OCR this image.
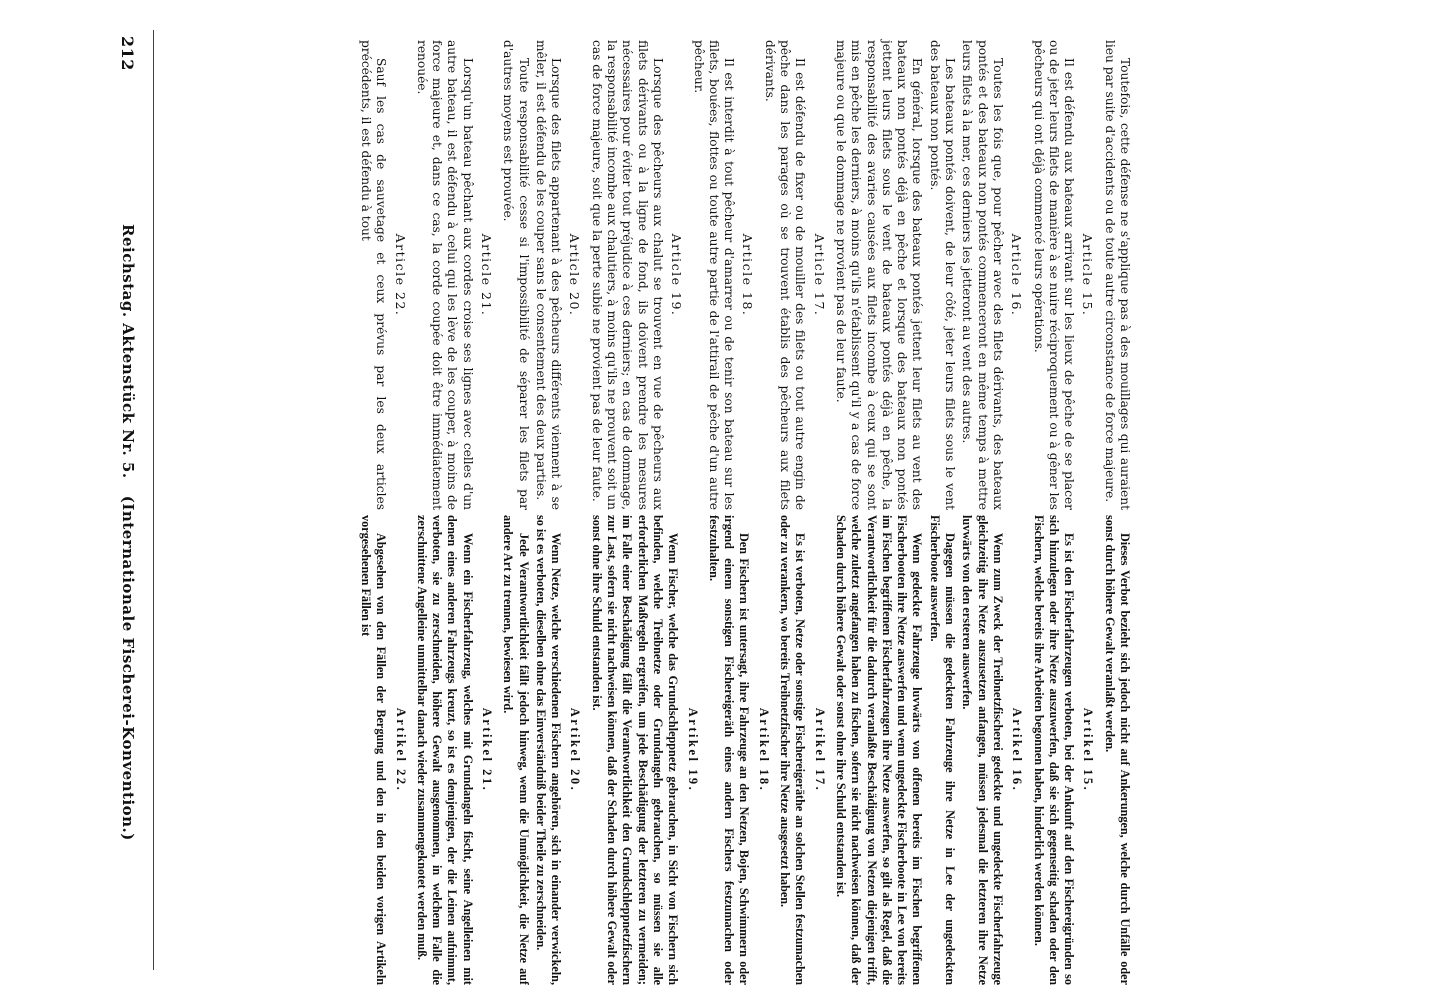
212
Reichstag. Aktenstück Nr. 5.   (Internationale Fischerei-Konvention.)

Toutefois, cette défense ne s'applique pas à des mouillages qui auraient lieu par suite d'accidents ou de toute autre circonstance de force majeure.

Article 15.

Il est défendu aux bateaux arrivant sur les lieux de pêche de se placer ou de jeter leurs filets de manière à se nuire réciproquement ou à gêner les pêcheurs qui ont déjà commencé leurs opérations.

Article 16.

Toutes les fois que, pour pêcher avec des filets dérivants, des bateaux pontés et des bateaux non pontés commenceront en même temps à mettre leurs filets à la mer, ces derniers les jetteront au vent des autres.

Les bateaux pontés doivent, de leur côté, jeter leurs filets sous le vent des bateaux non pontés.

En général, lorsque des bateaux pontés jettent leur filets au vent des bateaux non pontés déjà en pêche et lorsque des bateaux non pontés jettent leurs filets sous le vent de bateaux pontés déjà en pêche, la responsabilité des avaries causées aux filets incombe à ceux qui se sont mis en pêche les derniers, à moins qu'ils n'établissent qu'il y a cas de force majeure ou que le dommage ne provient pas de leur faute.

Article 17.

Il est défendu de fixer ou de mouiller des filets ou tout autre engin de pêche dans les parages où se trouvent établis des pêcheurs aux filets dérivants.

Article 18.

Il est interdit à tout pêcheur d'amarrer ou de tenir son bateau sur les filets, bouées, flottes ou toute autre partie de l'attirail de pêche d'un autre pêcheur.

Article 19.

Lorsque des pêcheurs aux chalut se trouvent en vue de pêcheurs aux filets dérivants ou à la ligne de fond, ils doivent prendre les mesures nécessaires pour éviter tout préjudice à ces derniers; en cas de dommage, la responsabilité incombe aux chalutiers, à moins qu'ils ne prouvent soit un cas de force majeure, soit que la perte subie ne provient pas de leur faute.

Article 20.

Lorsque des filets appartenant à des pêcheurs différents viennent à se mêler, il est défendu de les couper sans le consentement des deux parties.

Toute responsabilité cesse si l'impossibilité de séparer les filets par d'autres moyens est prouvée.

Article 21.

Lorsqu'un bateau pêchant aux cordes croise ses lignes avec celles d'un autre bateau, il est défendu à celui qui les lève de les couper, à moins de force majeure et, dans ce cas, la corde coupée doit être immédiatement renouée.

Article 22.

Sauf les cas de sauvetage et ceux prévus par les deux articles précédents, il est défendu à tout

Dieses Verbot bezieht sich jedoch nicht auf Ankerungen, welche durch Unfälle oder sonst durch höhere Gewalt veranlaßt werden.

Artikel 15.

Es ist den Fischerfahrzeugen verboten, bei der Ankunft auf den Fischereigründen so sich hinzulegen oder ihre Netze auszuwerfen, daß sie sich gegenseitig schaden oder den Fischern, welche bereits ihre Arbeiten begonnen haben, hinderlich werden können.

Artikel 16.

Wenn zum Zweck der Treibnetzfischerei gedeckte und ungedeckte Fischerfahrzeuge gleichzeitig ihre Netze auszusetzen anfangen, müssen jedesmal die letzteren ihre Netze luvwärts von den ersteren auswerfen.

Dagegen müssen die gedeckten Fahrzeuge ihre Netze in Lee der ungedeckten Fischerboote auswerfen.

Wenn gedeckte Fahrzeuge luvwärts von offenen bereits im Fischen begriffenen Fischerbooten ihre Netze auswerfen und wenn ungedeckte Fischerboote in Lee von bereits im Fischen begriffenen Fischerfahrzeugen ihre Netze auswerfen, so gilt als Regel, daß die Verantwortlichkeit für die dadurch veranlaßte Beschädigung von Netzen diejenigen trifft, welche zuletzt angefangen haben zu fischen, sofern sie nicht nachweisen können, daß der Schaden durch höhere Gewalt oder sonst ohne ihre Schuld entstanden ist.

Artikel 17.

Es ist verboten, Netze oder sonstige Fischereigeräthe an solchen Stellen festzumachen oder zu verankern, wo bereits Treibnetzfischer ihre Netze ausgesetzt haben.

Artikel 18.

Den Fischern ist untersagt, ihre Fahrzeuge an den Netzen, Bojen, Schwimmern oder irgend einem sonstigen Fischereigeräth eines andern Fischers festzumachen oder festzuhalten.

Artikel 19.

Wenn Fischer, welche das Grundschleppnetz gebrauchen, in Sicht von Fischern sich befinden, welche Treibnetze oder Grundangeln gebrauchen, so müssen sie alle erforderlichen Maßregeln ergreifen, um jede Beschädigung der letzteren zu vermeiden; im Falle einer Beschädigung fällt die Verantwortlichkeit den Grundschleppnetzfischern zur Last, sofern sie nicht nachweisen können, daß der Schaden durch höhere Gewalt oder sonst ohne ihre Schuld entstanden ist.

Artikel 20.

Wenn Netze, welche verschiedenen Fischern angehören, sich in einander verwickeln, so ist es verboten, dieselben ohne das Einverständniß beider Theile zu zerschneiden.

Jede Verantwortlichkeit fällt jedoch hinweg, wenn die Unmöglichkeit, die Netze auf andere Art zu trennen, bewiesen wird.

Artikel 21.

Wenn ein Fischerfahrzeug, welches mit Grundangeln fischt, seine Angelleinen mit denen eines anderen Fahrzeugs kreuzt, so ist es demjenigen, der die Leinen aufnimmt, verboten, sie zu zerschneiden, höhere Gewalt ausgenommen, in welchem Falle die zerschnittene Angelleine unmittelbar danach wieder zusammengeknotet werden muß.

Artikel 22.

Abgesehen von den Fällen der Bergung und den in den beiden vorigen Artikeln vorgesehenen Fällen ist
